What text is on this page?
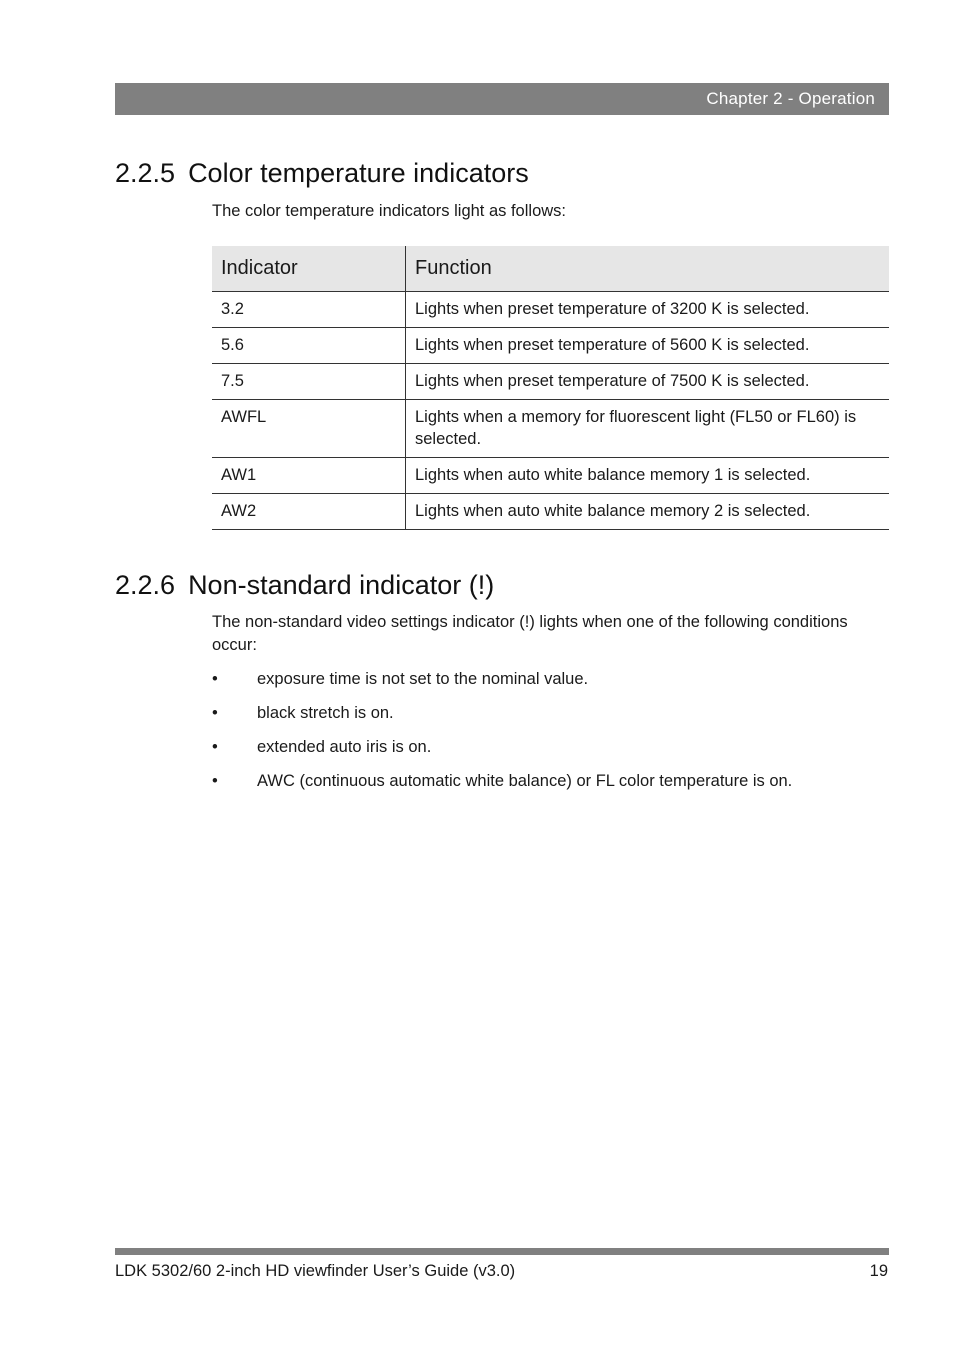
Chapter 2 - Operation
2.2.5 Color temperature indicators

The color temperature indicators light as follows:

Indicator	Function
3.2	Lights when preset temperature of 3200 K is selected.
5.6	Lights when preset temperature of 5600 K is selected.
7.5	Lights when preset temperature of 7500 K is selected.
AWFL	Lights when a memory for fluorescent light (FL50 or FL60) is selected.
AW1	Lights when auto white balance memory 1 is selected.
AW2	Lights when auto white balance memory 2 is selected.
2.2.6 Non-standard indicator (!)

The non-standard video settings indicator (!) lights when one of the following conditions occur:

• exposure time is not set to the nominal value.
• black stretch is on.
• extended auto iris is on.
• AWC (continuous automatic white balance) or FL color temperature is on.
LDK 5302/60 2-inch HD viewfinder User’s Guide (v3.0)	19
